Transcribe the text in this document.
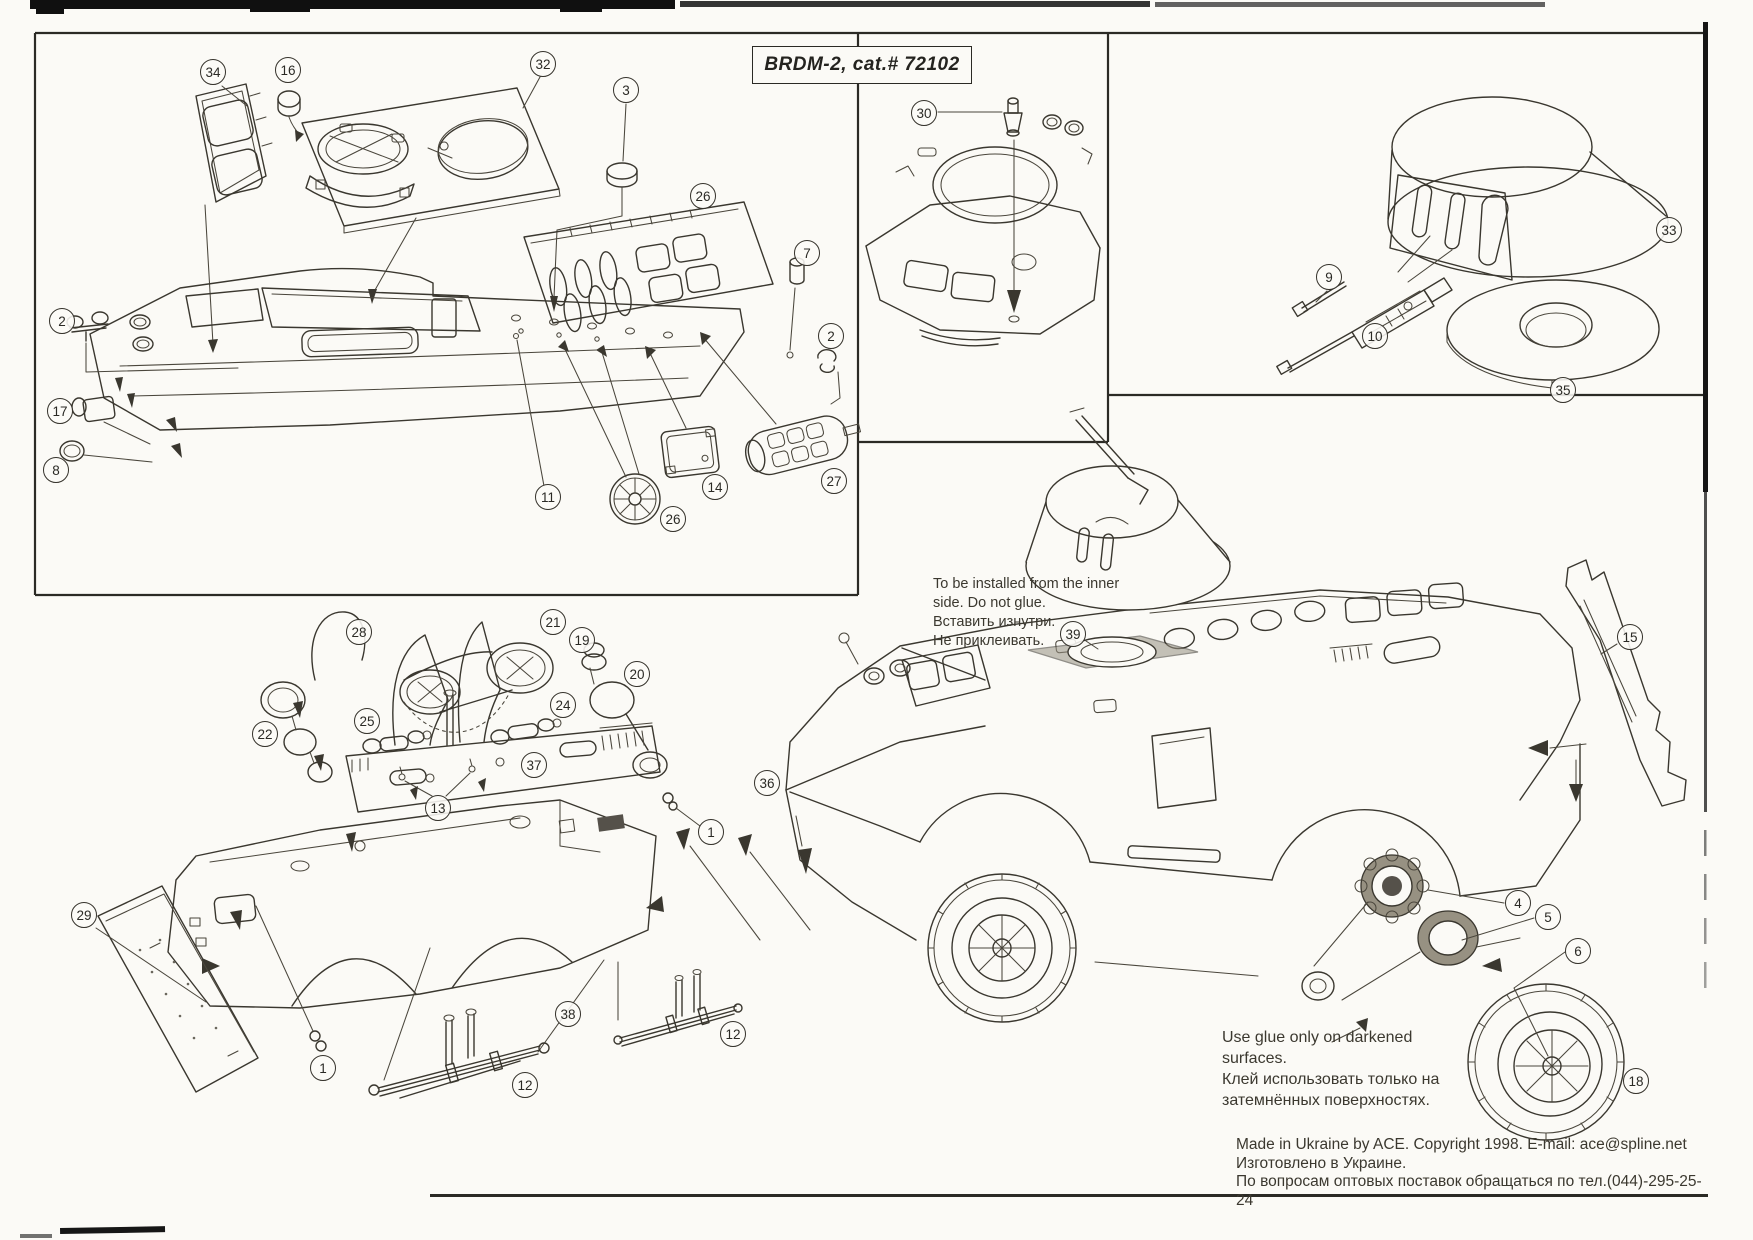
BRDM-2, cat.# 72102
To be installed from the inner
side. Do not glue.
Вставить изнутри.
Не приклеивать.
Use glue only on darkened surfaces.
Клей использовать только на
затемнённых поверхностях.
Made in Ukraine by ACE. Copyright 1998. E-mail: ace@spline.net
Изготовлено в Украине.
По вопросам оптовых поставок обращаться по тел.(044)-295-25-24
34	16	32
3
26
7
2
2
17
8
11
14
26
27
30
9
10
33
35
28
21
19
20
22
25
24
37
13
36
29
1
1
38
12
12
39	15
4
5
6
18
